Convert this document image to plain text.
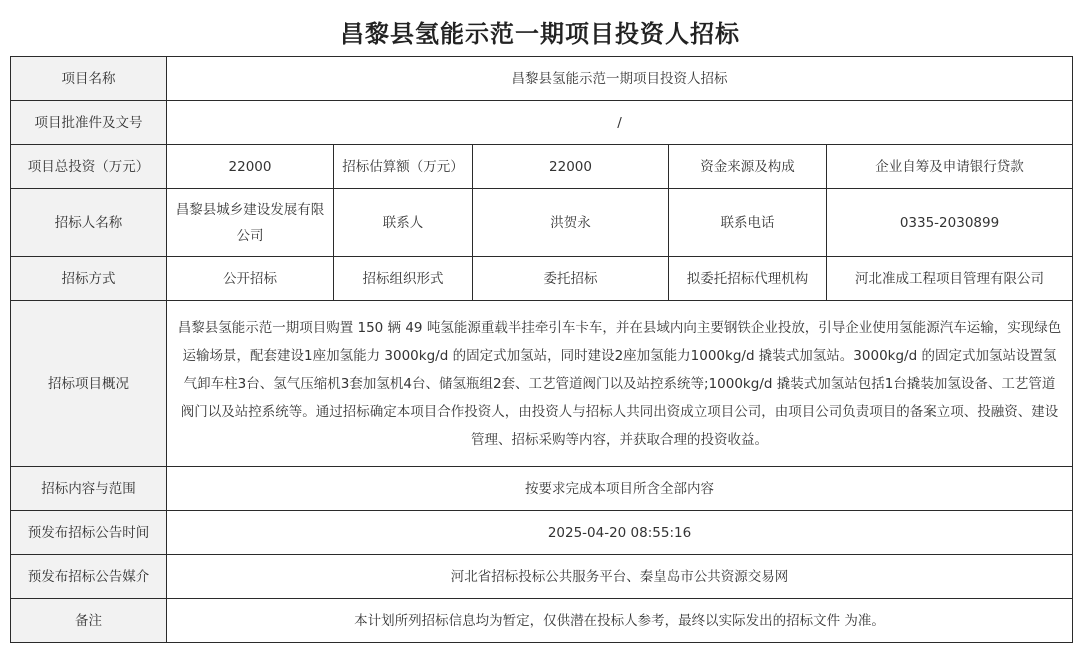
昌黎县氢能示范一期项目投资人招标
项目名称	昌黎县氢能示范一期项目投资人招标				
项目批准件及文号	/				
项目总投资（万元）	22000	招标估算额（万元）	22000	资金来源及构成	企业自筹及申请银行贷款
招标人名称	昌黎县城乡建设发展有限公司	联系人	洪贺永	联系电话	0335-2030899
招标方式	公开招标	招标组织形式	委托招标	拟委托招标代理机构	河北准成工程项目管理有限公司
招标项目概况	昌黎县氢能示范一期项目购置 150 辆 49 吨氢能源重载半挂牵引车卡车，并在县域内向主要钢铁企业投放，引导企业使用氢能源汽车运输，实现绿色运输场景，配套建设1座加氢能力 3000kg/d 的固定式加氢站，同时建设2座加氢能力1000kg/d 撬装式加氢站。3000kg/d 的固定式加氢站设置氢气卸车柱3台、氢气压缩机3套加氢机4台、储氢瓶组2套、工艺管道阀门以及站控系统等;1000kg/d 撬装式加氢站包括1台撬装加氢设备、工艺管道阀门以及站控系统等。通过招标确定本项目合作投资人，由投资人与招标人共同出资成立项目公司，由项目公司负责项目的备案立项、投融资、建设管理、招标采购等内容，并获取合理的投资收益。				
招标内容与范围	按要求完成本项目所含全部内容				
预发布招标公告时间	2025-04-20 08:55:16				
预发布招标公告媒介	河北省招标投标公共服务平台、秦皇岛市公共资源交易网				
备注	本计划所列招标信息均为暂定，仅供潜在投标人参考，最终以实际发出的招标文件 为准。				
